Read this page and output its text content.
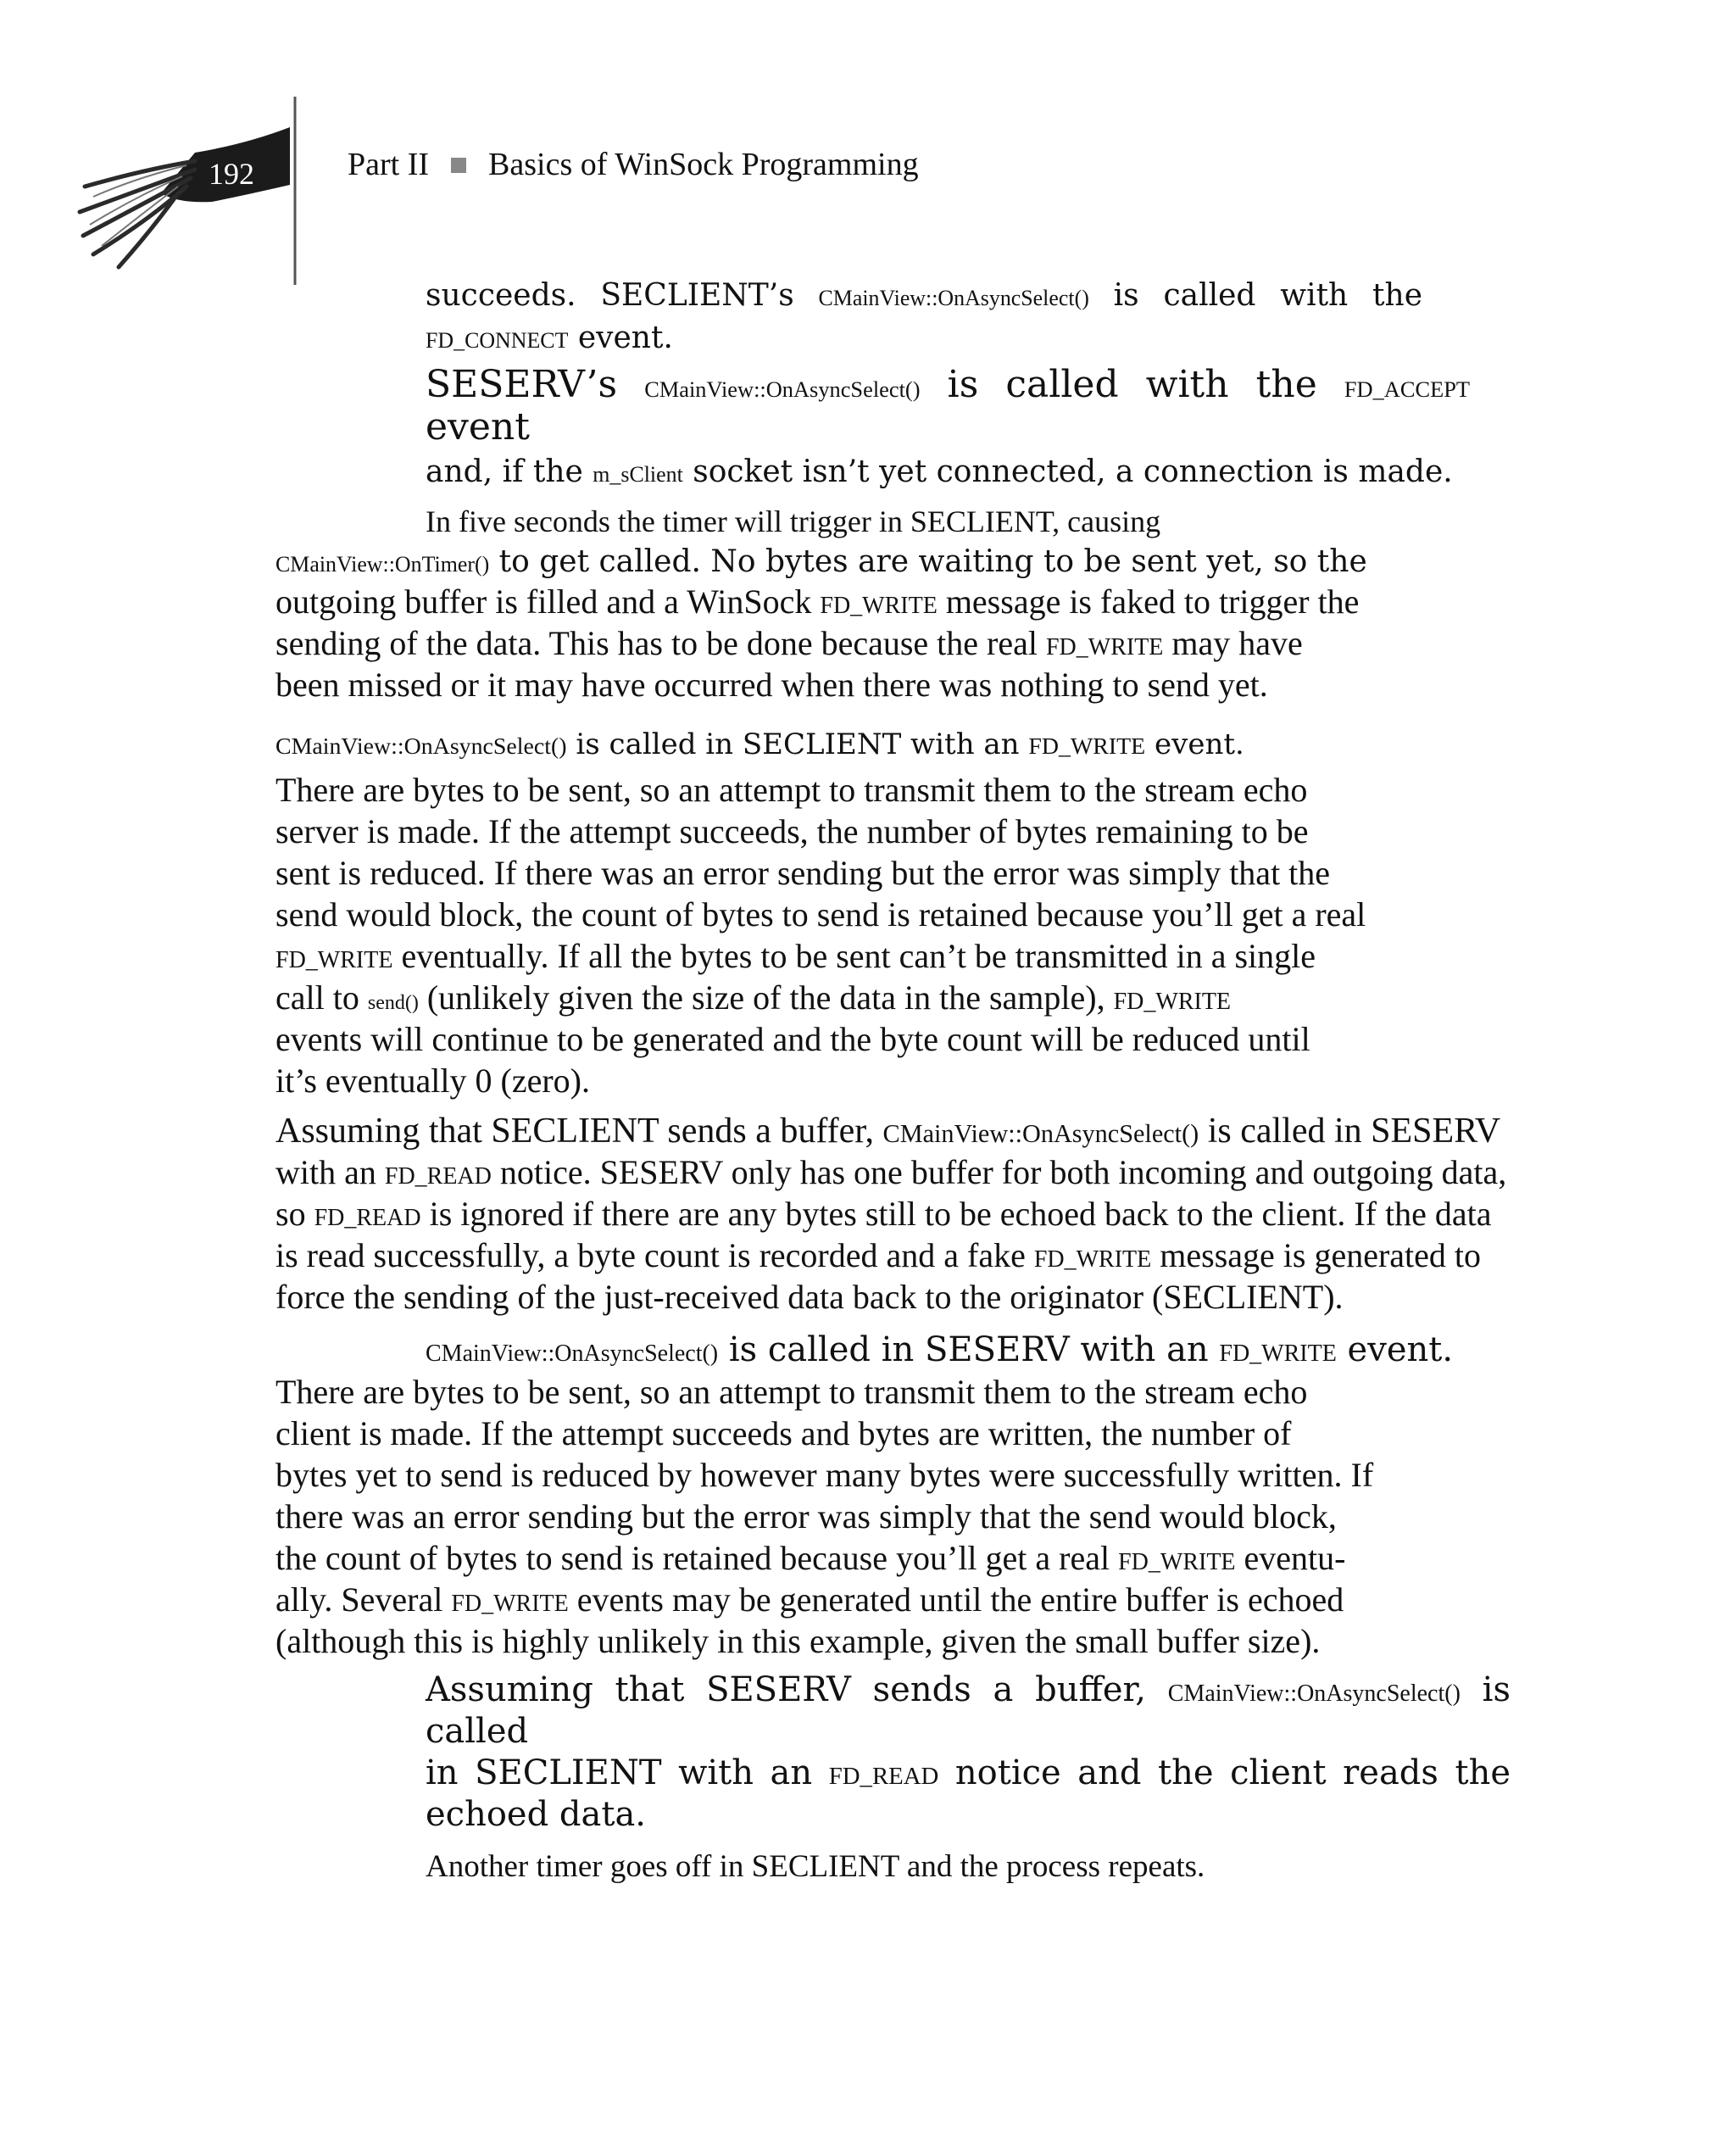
192	Part II Basics of WinSock Programming
succeeds. SECLIENT’s CMainView::OnAsyncSelect() is called with the
FD_CONNECT event.
SESERV’s CMainView::OnAsyncSelect() is called with the FD_ACCEPT
event
and, if the m_sClient socket isn’t yet connected, a connection is made.
In five seconds the timer will trigger in SECLIENT, causing
CMainView::OnTimer() to get called. No bytes are waiting to be sent yet, so the
outgoing buffer is filled and a WinSock FD_WRITE message is faked to trigger the
sending of the data. This has to be done because the real FD_WRITE may have
been missed or it may have occurred when there was nothing to send yet.
CMainView::OnAsyncSelect() is called in SECLIENT with an FD_WRITE event.
There are bytes to be sent, so an attempt to transmit them to the stream echo
server is made. If the attempt succeeds, the number of bytes remaining to be
sent is reduced. If there was an error sending but the error was simply that the
send would block, the count of bytes to send is retained because you’ll get a real
FD_WRITE eventually. If all the bytes to be sent can’t be transmitted in a single
call to send() (unlikely given the size of the data in the sample), FD_WRITE
events will continue to be generated and the byte count will be reduced until
it’s eventually 0 (zero).
Assuming that SECLIENT sends a buffer, CMainView::OnAsyncSelect() is called in SESERV
with an FD_READ notice. SESERV only has one buffer for both incoming and outgoing data,
so FD_READ is ignored if there are any bytes still to be echoed back to the client. If the data
is read successfully, a byte count is recorded and a fake FD_WRITE message is generated to
force the sending of the just-received data back to the originator (SECLIENT).
CMainView::OnAsyncSelect() is called in SESERV with an FD_WRITE event.
There are bytes to be sent, so an attempt to transmit them to the stream echo
client is made. If the attempt succeeds and bytes are written, the number of
bytes yet to send is reduced by however many bytes were successfully written. If
there was an error sending but the error was simply that the send would block,
the count of bytes to send is retained because you’ll get a real FD_WRITE eventu-
ally. Several FD_WRITE events may be generated until the entire buffer is echoed
(although this is highly unlikely in this example, given the small buffer size).
Assuming that SESERV sends a buffer, CMainView::OnAsyncSelect() is
called
in SECLIENT with an FD_READ notice and the client reads the
echoed data.
Another timer goes off in SECLIENT and the process repeats.
